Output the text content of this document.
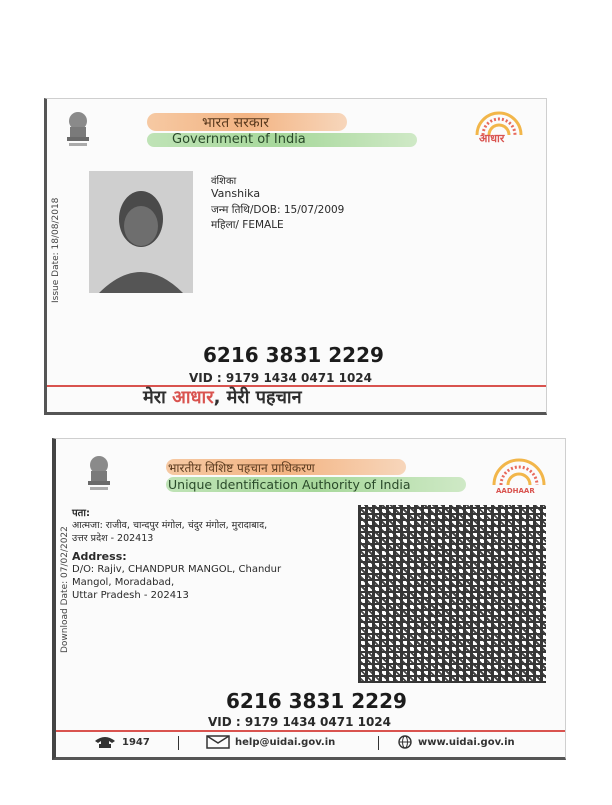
भारत सरकार
Government of India	आधार
Issue Date: 18/08/2018
वंशिका
Vanshika
जन्म तिथि/DOB: 15/07/2009
महिला/ FEMALE
6216 3831 2229
VID : 9179 1434 0471 1024
मेरा आधार, मेरी पहचान
भारतीय विशिष्ट पहचान प्राधिकरण
Unique Identification Authority of India	AADHAAR
Download Date: 07/02/2022
पता:
आत्मजा: राजीव, चान्दपुर मंगोल, चंदुर मंगोल, मुरादाबाद,
उत्तर प्रदेश - 202413
Address:
D/O: Rajiv, CHANDPUR MANGOL, Chandur
Mangol, Moradabad,
Uttar Pradesh - 202413
6216 3831 2229
VID : 9179 1434 0471 1024
1947	help@uidai.gov.in	www.uidai.gov.in
